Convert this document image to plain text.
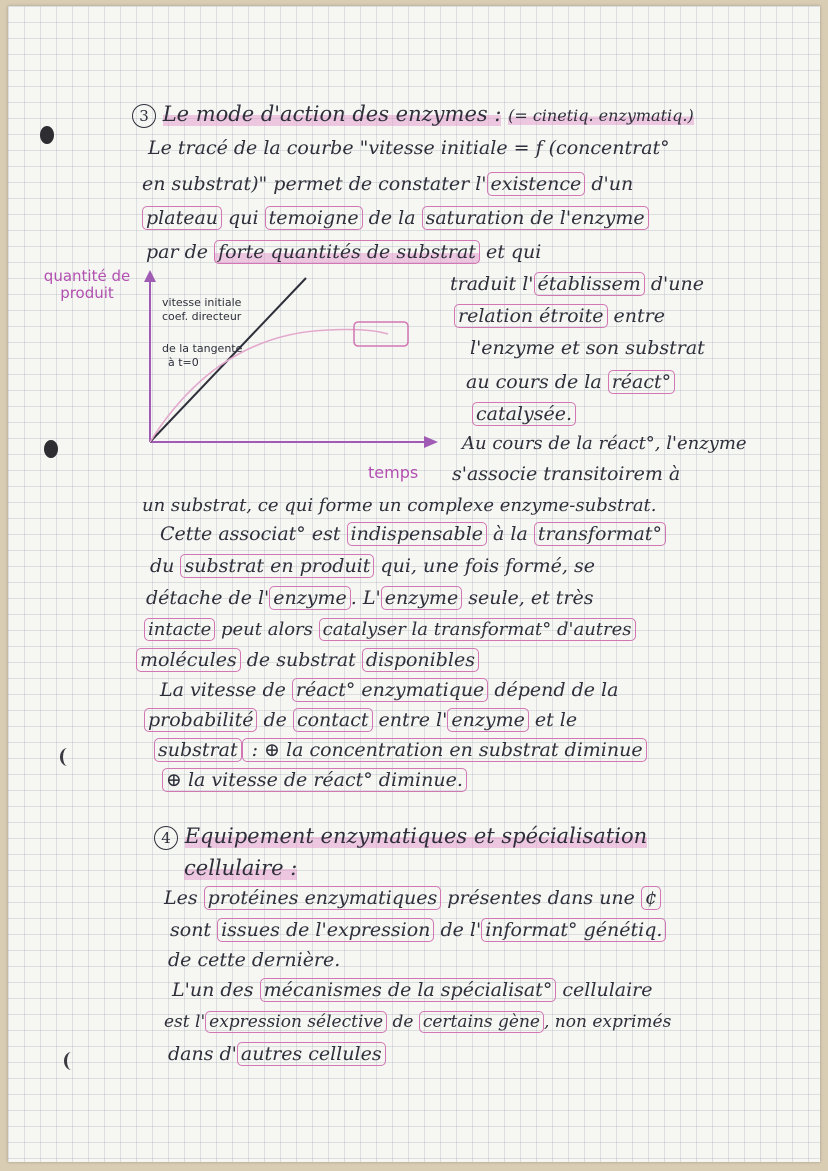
3 Le mode d'action des enzymes : (= cinetiq. enzymatiq.)
Le tracé de la courbe "vitesse initiale = f (concentrat°
en substrat)" permet de constater l' existence d'un
plateau qui temoigne de la saturation de l'enzyme
par de forte quantités de substrat et qui
quantité de produit
vitesse initiale
coef. directeur
de la tangente
à t=0
temps
traduit l' établissem d'une
relation étroite entre
l'enzyme et son substrat
au cours de la réact°
catalysée.
Au cours de la réact°, l'enzyme
s'associe transitoirem à
un substrat, ce qui forme un complexe enzyme-substrat.
Cette associat° est indispensable à la transformat°
du substrat en produit qui, une fois formé, se
détache de l' enzyme . L' enzyme seule, et très
intacte peut alors catalyser la transformat° d'autres
molécules de substrat disponibles
La vitesse de réact° enzymatique dépend de la
probabilité de contact entre l' enzyme et le
substrat : ⊕ la concentration en substrat diminue
⊕ la vitesse de réact° diminue.
4 Equipement enzymatiques et spécialisation
cellulaire :
Les protéines enzymatiques présentes dans une ¢
sont issues de l'expression de l' informat° génétiq.
de cette dernière.
L'un des mécanismes de la spécialisat° cellulaire
est l' expression sélective de certains gène , non exprimés
dans d' autres cellules
